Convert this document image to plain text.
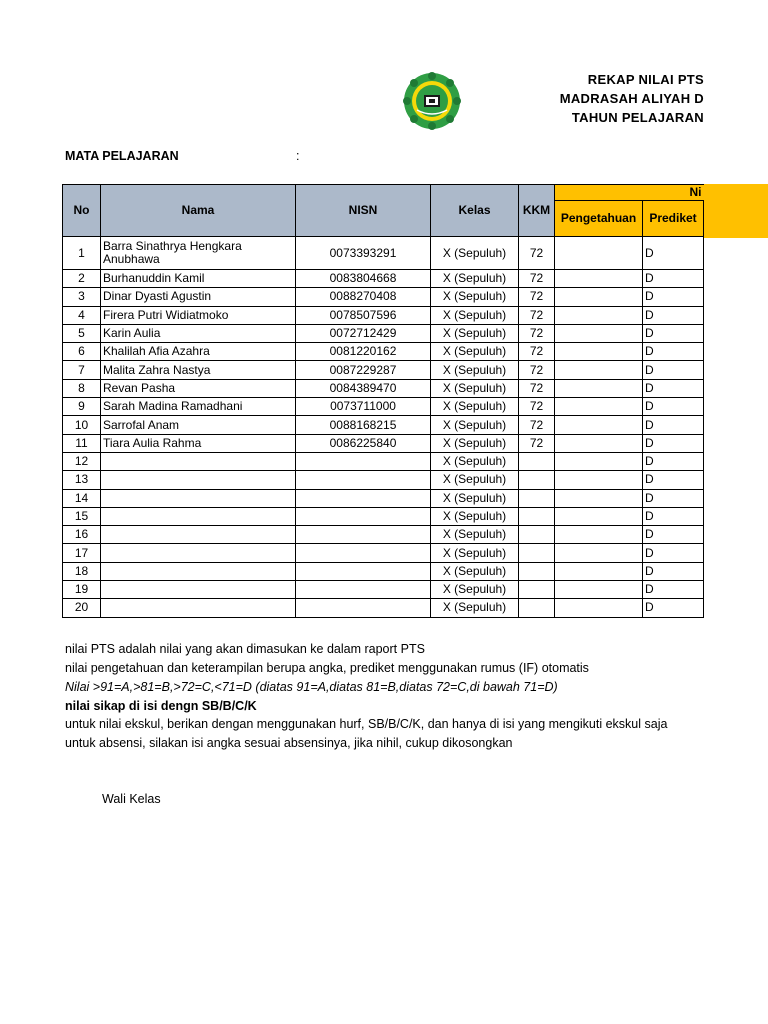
REKAP NILAI PTS
MADRASAH ALIYAH D
TAHUN PELAJARAN
MATA PELAJARAN	:
No	Nama	NISN	Kelas	KKM	Ni	
					Pengetahuan	Prediket
1	Barra Sinathrya Hengkara Anubhawa	0073393291	X (Sepuluh)	72		D
2	Burhanuddin Kamil	0083804668	X (Sepuluh)	72		D
3	Dinar Dyasti Agustin	0088270408	X (Sepuluh)	72		D
4	Firera Putri Widiatmoko	0078507596	X (Sepuluh)	72		D
5	Karin Aulia	0072712429	X (Sepuluh)	72		D
6	Khalilah Afia Azahra	0081220162	X (Sepuluh)	72		D
7	Malita Zahra Nastya	0087229287	X (Sepuluh)	72		D
8	Revan Pasha	0084389470	X (Sepuluh)	72		D
9	Sarah Madina Ramadhani	0073711000	X (Sepuluh)	72		D
10	Sarrofal Anam	0088168215	X (Sepuluh)	72		D
11	Tiara Aulia Rahma	0086225840	X (Sepuluh)	72		D
12			X (Sepuluh)			D
13			X (Sepuluh)			D
14			X (Sepuluh)			D
15			X (Sepuluh)			D
16			X (Sepuluh)			D
17			X (Sepuluh)			D
18			X (Sepuluh)			D
19			X (Sepuluh)			D
20			X (Sepuluh)			D
nilai PTS adalah nilai yang akan dimasukan ke dalam raport PTS
nilai pengetahuan dan keterampilan berupa angka, prediket menggunakan rumus (IF) otomatis
Nilai >91=A,>81=B,>72=C,<71=D (diatas 91=A,diatas 81=B,diatas 72=C,di bawah 71=D)
nilai sikap di isi dengn SB/B/C/K
untuk nilai ekskul, berikan dengan menggunakan hurf, SB/B/C/K, dan hanya di isi yang mengikuti ekskul saja
untuk absensi, silakan isi angka sesuai absensinya, jika nihil, cukup dikosongkan
Wali Kelas
